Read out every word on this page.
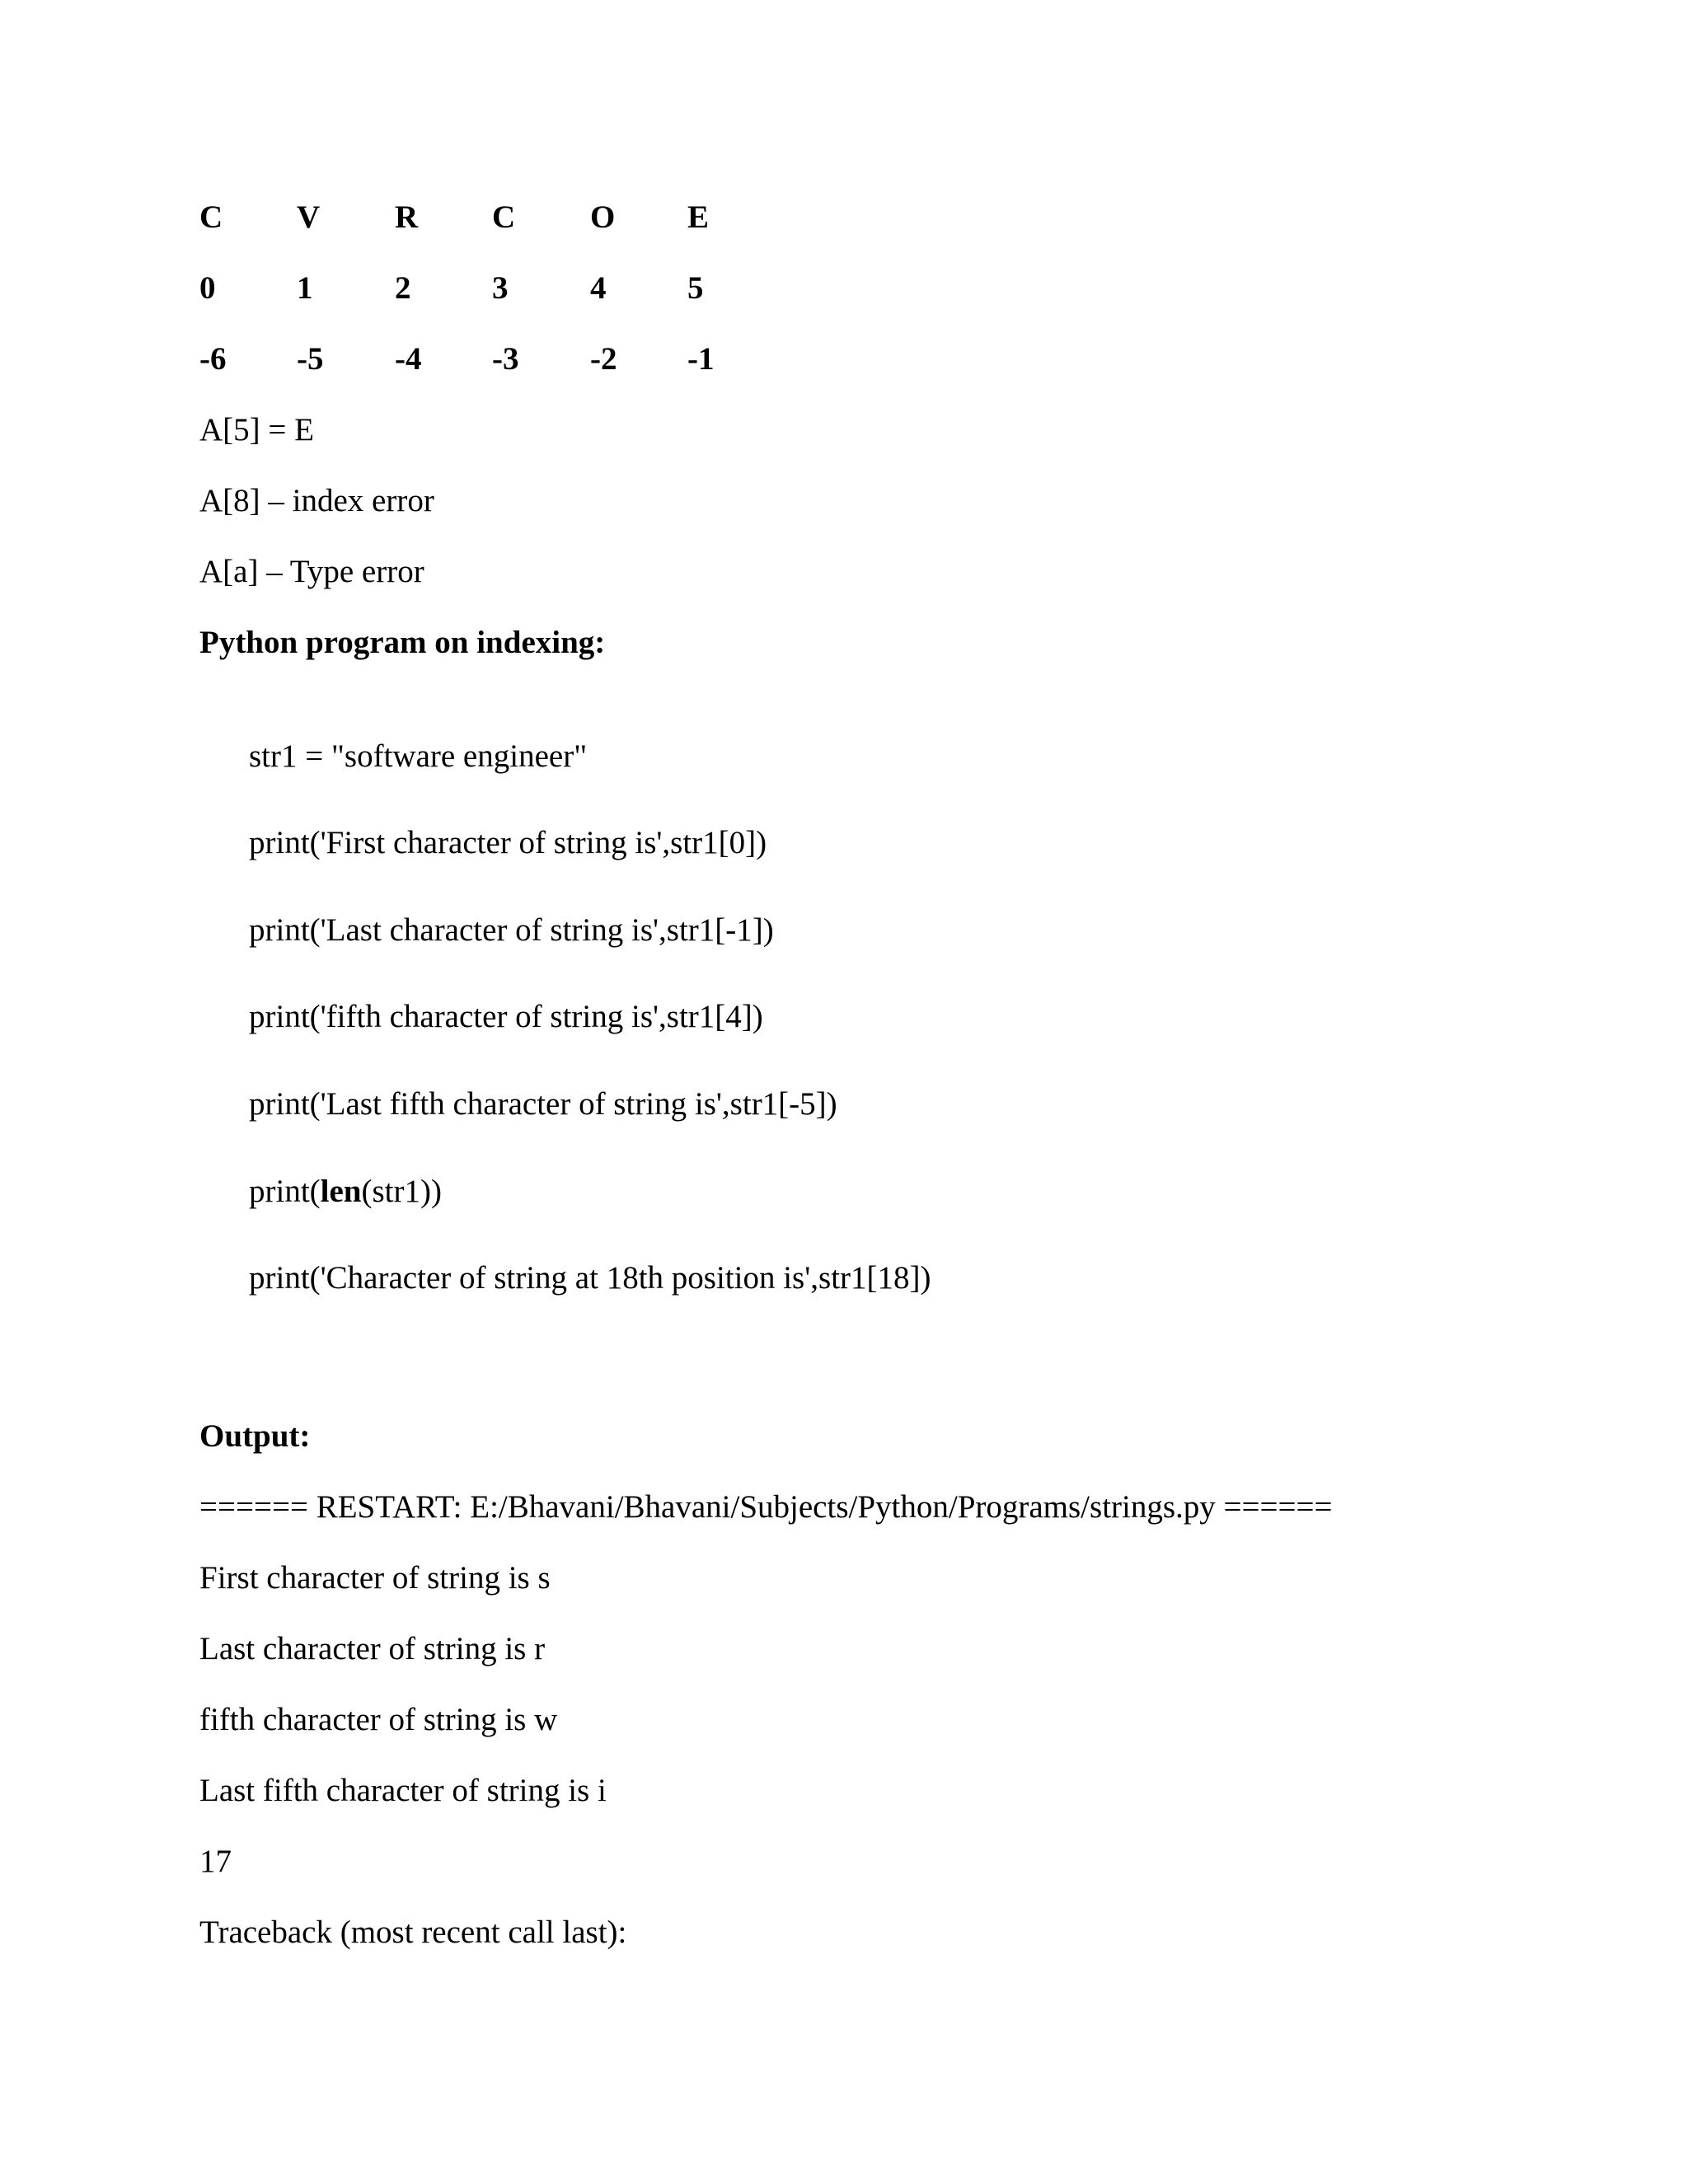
C V R C O E
0	1	2	3	4	5
-6 -5 -4 -3 -2 -1
A[5] = E
A[8] – index error
A[a] – Type error
Python program on indexing:
str1 = "software engineer"
print('First character of string is',str1[0])
print('Last character of string is',str1[-1])
print('fifth character of string is',str1[4])
print('Last fifth character of string is',str1[-5])
print(len(str1))
print('Character of string at 18th position is',str1[18])
Output:
====== RESTART: E:/Bhavani/Bhavani/Subjects/Python/Programs/strings.py ======
First character of string is s
Last character of string is r
fifth character of string is w
Last fifth character of string is i
17
Traceback (most recent call last):
